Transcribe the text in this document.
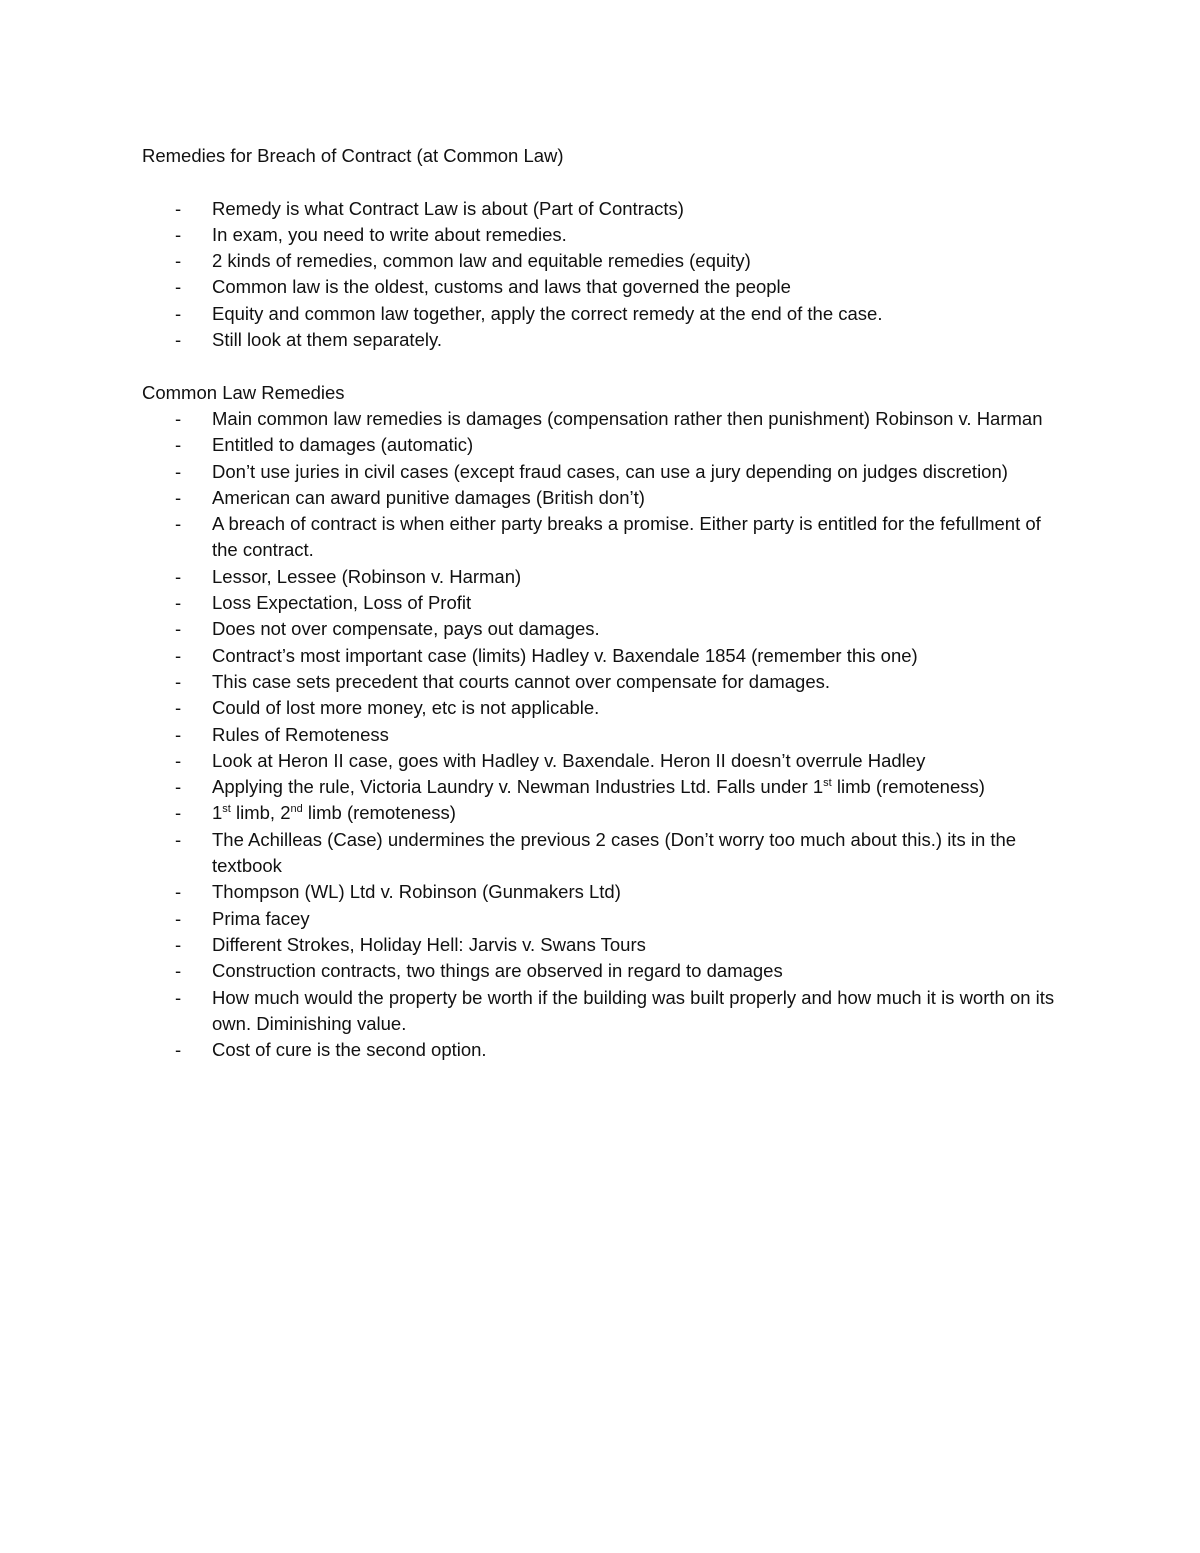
Remedies for Breach of Contract (at Common Law)

- Remedy is what Contract Law is about (Part of Contracts)
- In exam, you need to write about remedies.
- 2 kinds of remedies, common law and equitable remedies (equity)
- Common law is the oldest, customs and laws that governed the people
- Equity and common law together, apply the correct remedy at the end of the case.
- Still look at them separately.

Common Law Remedies

- Main common law remedies is damages (compensation rather then punishment) Robinson v. Harman
- Entitled to damages (automatic)
- Don’t use juries in civil cases (except fraud cases, can use a jury depending on judges discretion)
- American can award punitive damages (British don’t)
- A breach of contract is when either party breaks a promise. Either party is entitled for the fefullment of the contract.
- Lessor, Lessee (Robinson v. Harman)
- Loss Expectation, Loss of Profit
- Does not over compensate, pays out damages.
- Contract’s most important case (limits) Hadley v. Baxendale 1854 (remember this one)
- This case sets precedent that courts cannot over compensate for damages.
- Could of lost more money, etc is not applicable.
- Rules of Remoteness
- Look at Heron II case, goes with Hadley v. Baxendale. Heron II doesn’t overrule Hadley
- Applying the rule, Victoria Laundry v. Newman Industries Ltd. Falls under 1st limb (remoteness)
- 1st limb, 2nd limb (remoteness)
- The Achilleas (Case) undermines the previous 2 cases (Don’t worry too much about this.) its in the textbook
- Thompson (WL) Ltd v. Robinson (Gunmakers Ltd)
- Prima facey
- Different Strokes, Holiday Hell: Jarvis v. Swans Tours
- Construction contracts, two things are observed in regard to damages
- How much would the property be worth if the building was built properly and how much it is worth on its own. Diminishing value.
- Cost of cure is the second option.
